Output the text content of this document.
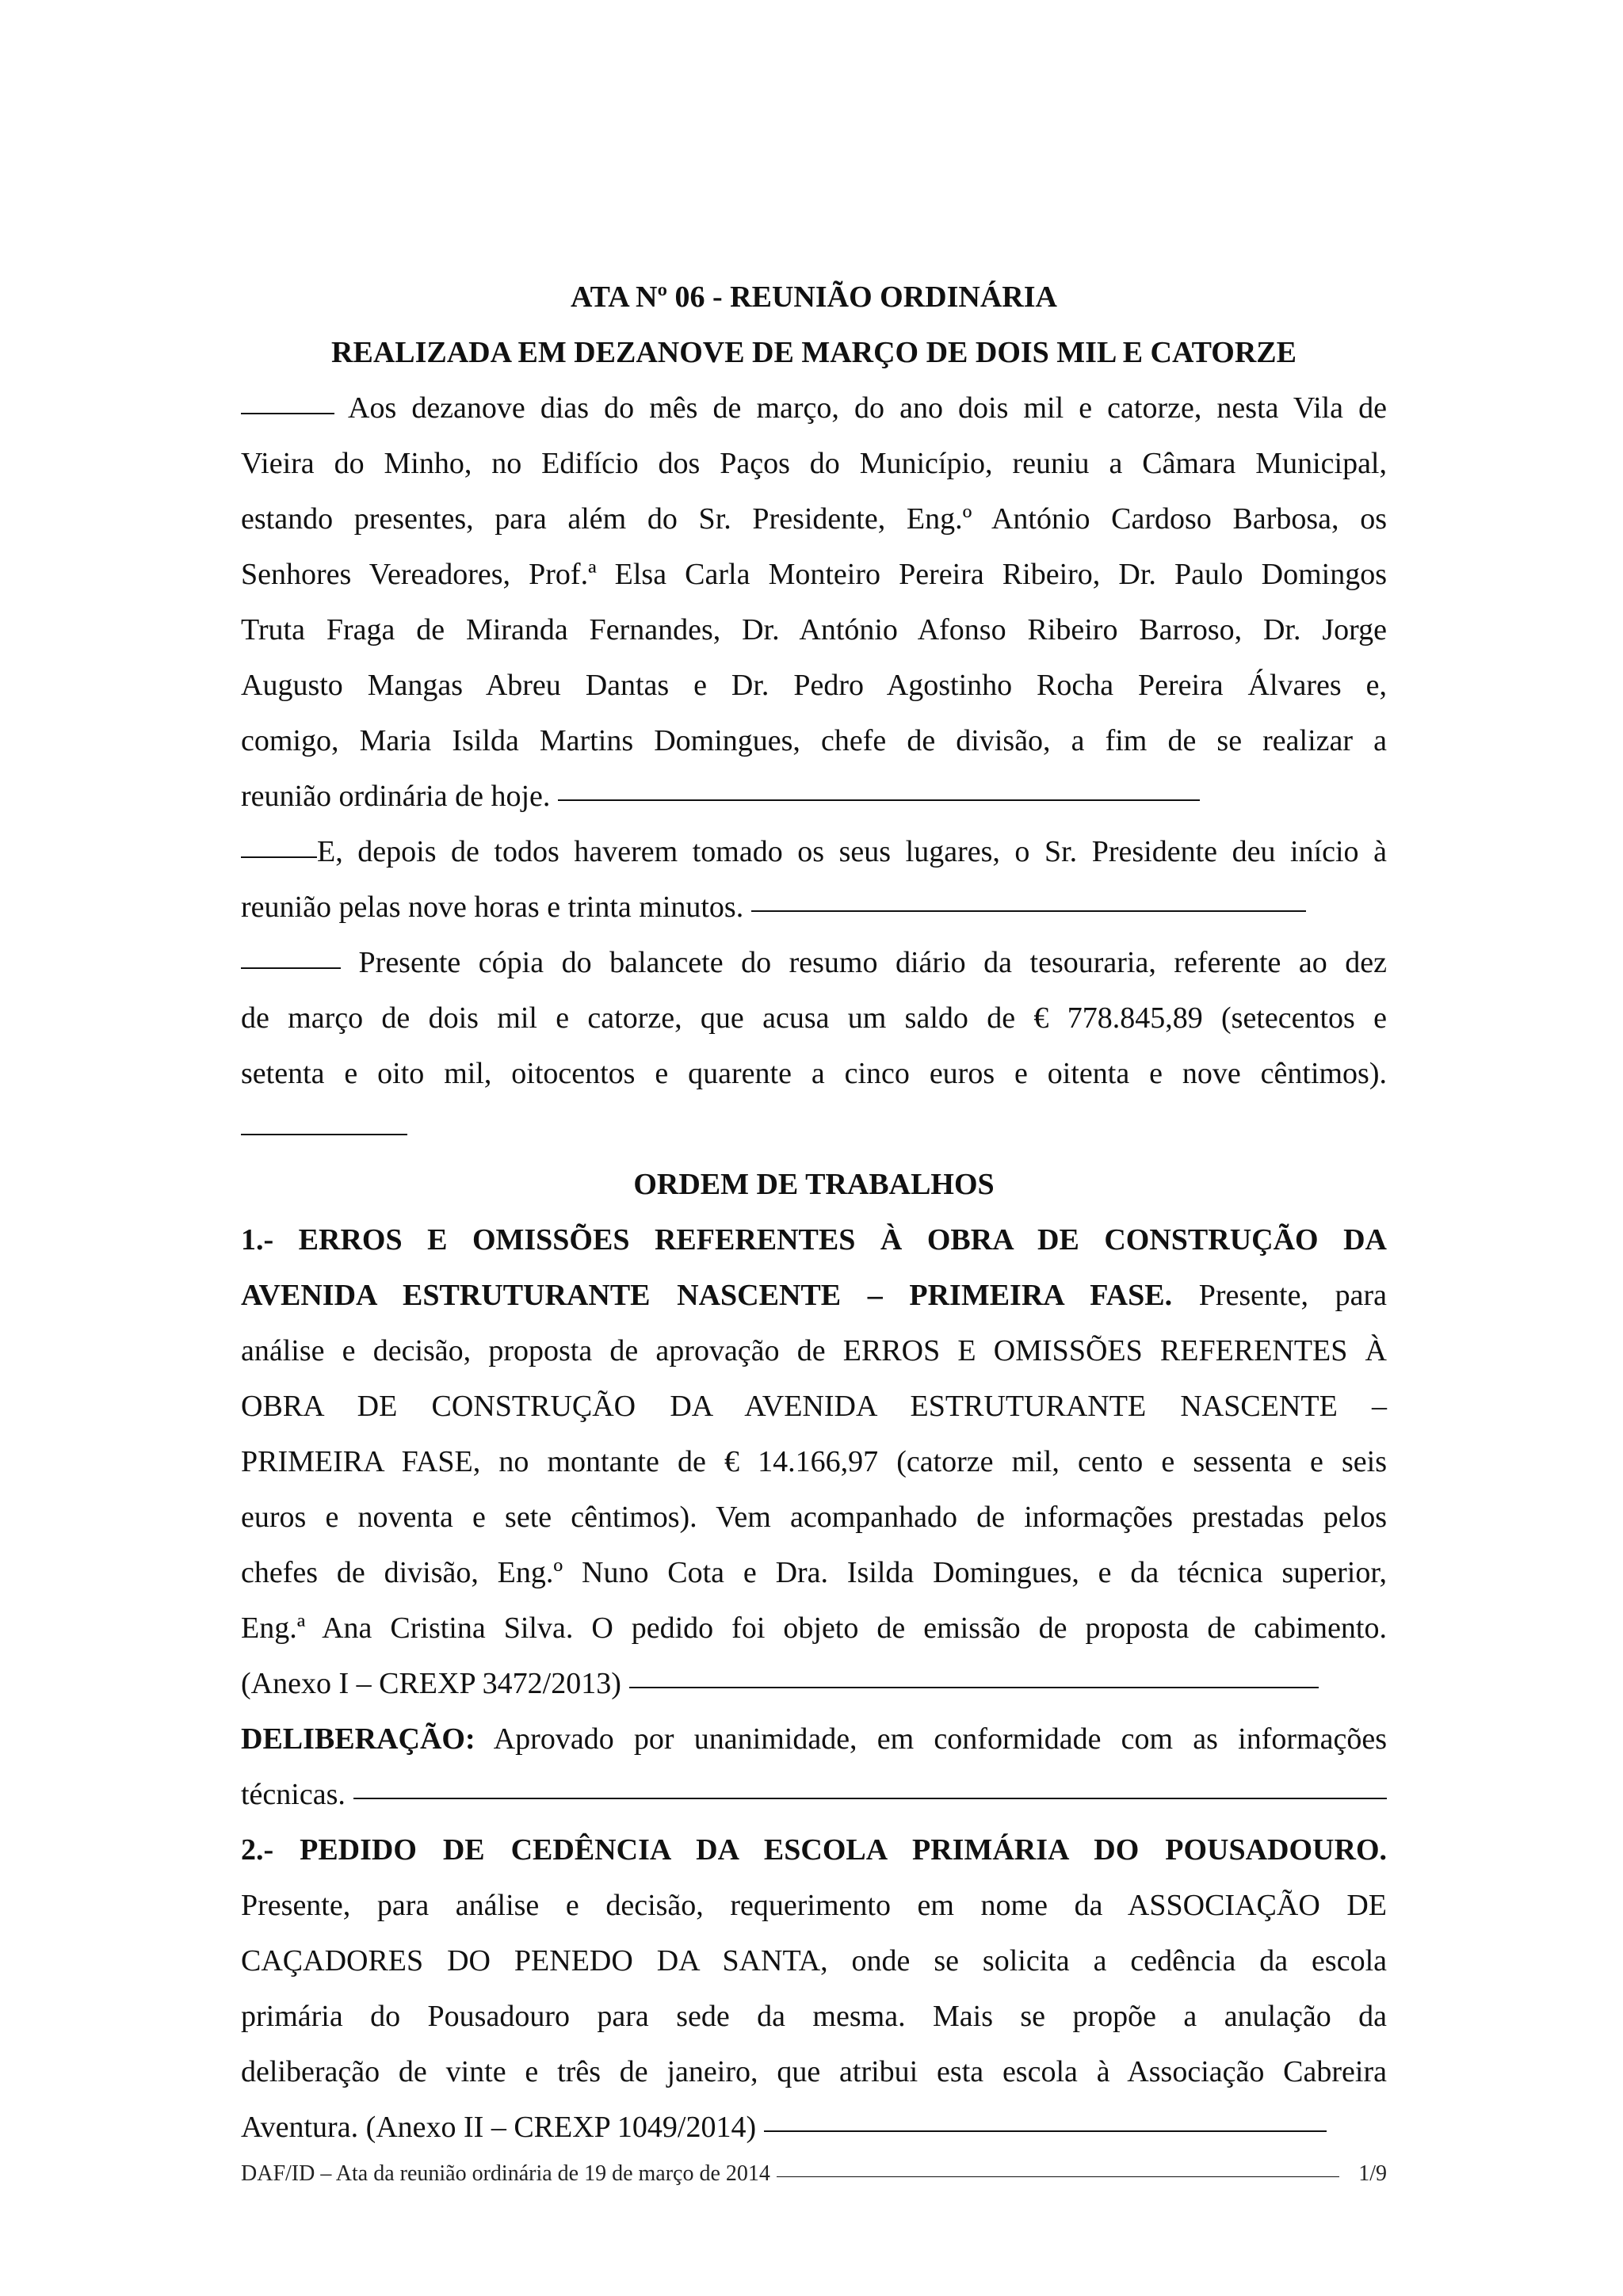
ATA Nº 06 - REUNIÃO ORDINÁRIA

REALIZADA EM DEZANOVE DE MARÇO DE DOIS MIL E CATORZE

Aos dezanove dias do mês de março, do ano dois mil e catorze, nesta Vila de

Vieira do Minho, no Edifício dos Paços do Município, reuniu a Câmara Municipal,

estando presentes, para além do Sr. Presidente, Eng.º António Cardoso Barbosa, os

Senhores Vereadores, Prof.ª Elsa Carla Monteiro Pereira Ribeiro, Dr. Paulo Domingos

Truta Fraga de Miranda Fernandes, Dr. António Afonso Ribeiro Barroso, Dr. Jorge

Augusto Mangas Abreu Dantas e Dr. Pedro Agostinho Rocha Pereira Álvares e,

comigo, Maria Isilda Martins Domingues, chefe de divisão, a fim de se realizar a

reunião ordinária de hoje.

E, depois de todos haverem tomado os seus lugares, o Sr. Presidente deu início à

reunião pelas nove horas e trinta minutos.

Presente cópia do balancete do resumo diário da tesouraria, referente ao dez

de março de dois mil e catorze, que acusa um saldo de € 778.845,89 (setecentos e

setenta e oito mil, oitocentos e quarente a cinco euros e oitenta e nove cêntimos).

ORDEM DE TRABALHOS

1.- ERROS E OMISSÕES REFERENTES À OBRA DE CONSTRUÇÃO DA

AVENIDA ESTRUTURANTE NASCENTE – PRIMEIRA FASE. Presente, para

análise e decisão, proposta de aprovação de ERROS E OMISSÕES REFERENTES À

OBRA DE CONSTRUÇÃO DA AVENIDA ESTRUTURANTE NASCENTE –

PRIMEIRA FASE, no montante de € 14.166,97 (catorze mil, cento e sessenta e seis

euros e noventa e sete cêntimos). Vem acompanhado de informações prestadas pelos

chefes de divisão, Eng.º Nuno Cota e Dra. Isilda Domingues, e da técnica superior,

Eng.ª Ana Cristina Silva. O pedido foi objeto de emissão de proposta de cabimento.

(Anexo I – CREXP 3472/2013)

DELIBERAÇÃO: Aprovado por unanimidade, em conformidade com as informações

técnicas.

2.- PEDIDO DE CEDÊNCIA DA ESCOLA PRIMÁRIA DO POUSADOURO.

Presente, para análise e decisão, requerimento em nome da ASSOCIAÇÃO DE

CAÇADORES DO PENEDO DA SANTA, onde se solicita a cedência da escola

primária do Pousadouro para sede da mesma. Mais se propõe a anulação da

deliberação de vinte e três de janeiro, que atribui esta escola à Associação Cabreira

Aventura. (Anexo II – CREXP 1049/2014)
DAF/ID – Ata da reunião ordinária de 19 de março de 2014	1/9
